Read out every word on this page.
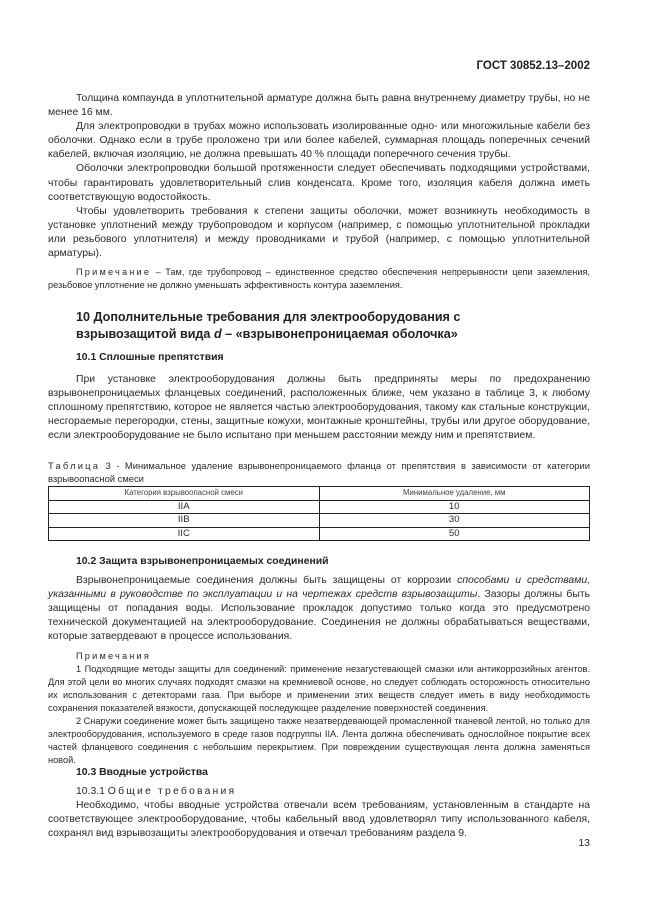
ГОСТ 30852.13–2002

Толщина компаунда в уплотнительной арматуре должна быть равна внутреннему диаметру трубы, но не менее 16 мм.

Для электропроводки в трубах можно использовать изолированные одно- или многожильные кабели без оболочки. Однако если в трубе проложено три или более кабелей, суммарная площадь поперечных сечений кабелей, включая изоляцию, не должна превышать 40 % площади поперечного сечения трубы.

Оболочки электропроводки большой протяженности следует обеспечивать подходящими устройствами, чтобы гарантировать удовлетворительный слив конденсата. Кроме того, изоляция кабеля должна иметь соответствующую водостойкость.

Чтобы удовлетворить требования к степени защиты оболочки, может возникнуть необходимость в установке уплотнений между трубопроводом и корпусом (например, с помощью уплотнительной прокладки или резьбового уплотнителя) и между проводниками и трубой (например, с помощью уплотнительной арматуры).

Примечание – Там, где трубопровод – единственное средство обеспечения непрерывности цепи заземления, резьбовое уплотнение не должно уменьшать эффективность контура заземления.

10 Дополнительные требования для электрооборудования с

взрывозащитой вида d – «взрывонепроницаемая оболочка»

10.1 Сплошные препятствия

При установке электрооборудования должны быть предприняты меры по предохранению взрывонепроницаемых фланцевых соединений, расположенных ближе, чем указано в таблице 3, к любому сплошному препятствию, которое не является частью электрооборудования, такому как стальные конструкции, несгораемые перегородки, стены, защитные кожухи, монтажные кронштейны, трубы или другое оборудование, если электрооборудование не было испытано при меньшем расстоянии между ним и препятствием.

Таблица 3 - Минимальное удаление взрывонепроницаемого фланца от препятствия в зависимости от категории взрывоопасной смеси

Категория взрывоопасной смеси	Минимальное удаление, мм
IIA	10
IIB	30
IIC	50

10.2 Защита взрывонепроницаемых соединений

Взрывонепроницаемые соединения должны быть защищены от коррозии способами и средствами, указанными в руководстве по эксплуатации и на чертежах средств взрывозащиты. Зазоры должны быть защищены от попадания воды. Использование прокладок допустимо только когда это предусмотрено технической документацией на электрооборудование. Соединения не должны обрабатываться веществами, которые затвердевают в процессе использования.

Примечания

1 Подходящие методы защиты для соединений: применение незагустевающей смазки или антикоррозийных агентов. Для этой цели во многих случаях подходят смазки на кремниевой основе, но следует соблюдать осторожность относительно их использования с детекторами газа. При выборе и применении этих веществ следует иметь в виду необходимость сохранения показателей вязкости, допускающей последующее разделение поверхностей соединения.

2 Снаружи соединение может быть защищено также незатвердевающей промасленной тканевой лентой, но только для электрооборудования, используемого в среде газов подгруппы IIA. Лента должна обеспечивать однослойное покрытие всех частей фланцевого соединения с небольшим перекрытием. При повреждении существующая лента должна заменяться новой.

10.3 Вводные устройства

10.3.1 Общие требования

Необходимо, чтобы вводные устройства отвечали всем требованиям, установленным в стандарте на соответствующее электрооборудование, чтобы кабельный ввод удовлетворял типу использованного кабеля, сохранял вид взрывозащиты электрооборудования и отвечал требованиям раздела 9.

13
